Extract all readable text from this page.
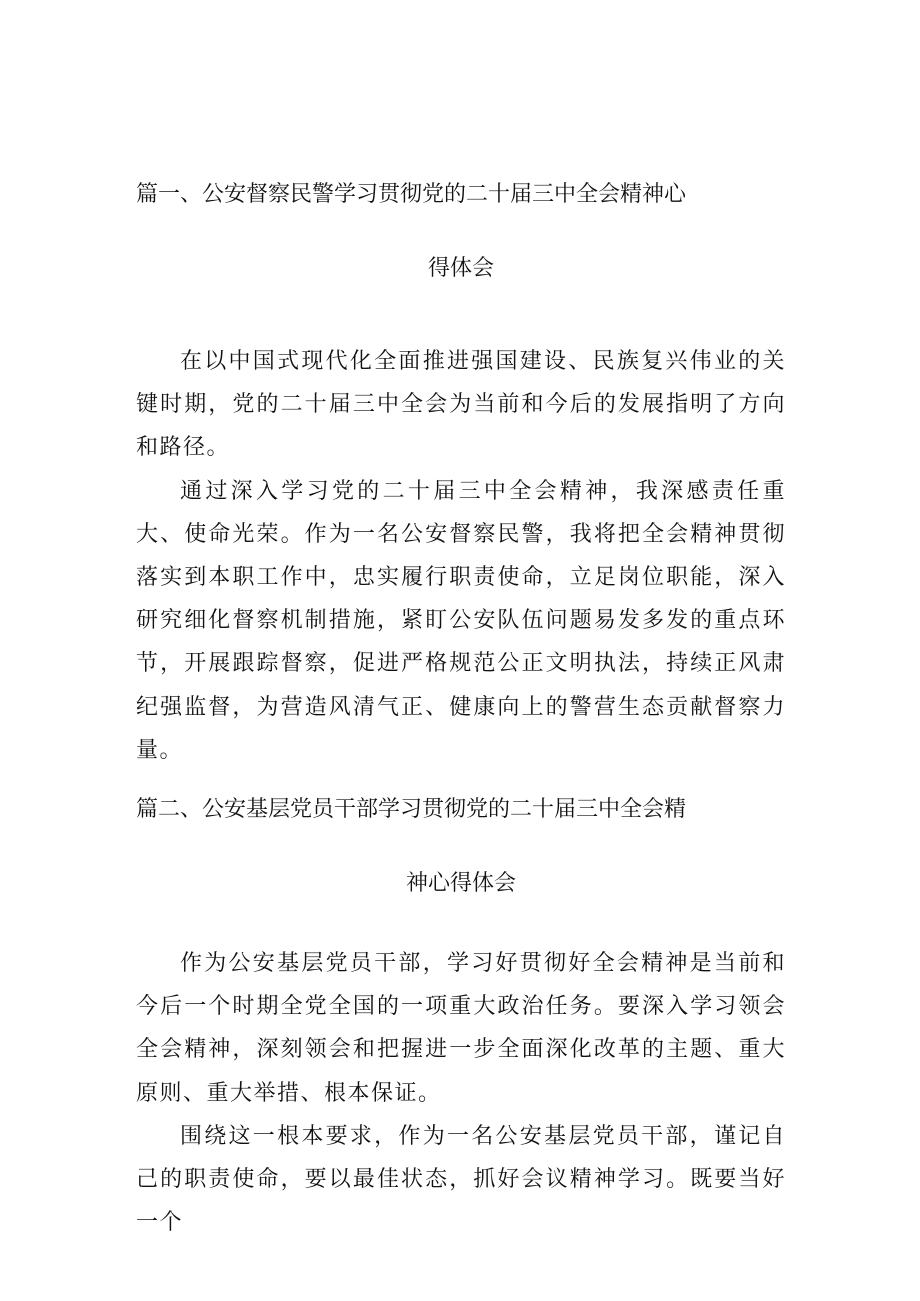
篇一、公安督察民警学习贯彻党的二十届三中全会精神心
得体会

在以中国式现代化全面推进强国建设、民族复兴伟业的关键时期，党的二十届三中全会为当前和今后的发展指明了方向和路径。

通过深入学习党的二十届三中全会精神，我深感责任重大、使命光荣。作为一名公安督察民警，我将把全会精神贯彻落实到本职工作中，忠实履行职责使命，立足岗位职能，深入研究细化督察机制措施，紧盯公安队伍问题易发多发的重点环节，开展跟踪督察，促进严格规范公正文明执法，持续正风肃纪强监督，为营造风清气正、健康向上的警营生态贡献督察力量。

篇二、公安基层党员干部学习贯彻党的二十届三中全会精
神心得体会

作为公安基层党员干部，学习好贯彻好全会精神是当前和今后一个时期全党全国的一项重大政治任务。要深入学习领会全会精神，深刻领会和把握进一步全面深化改革的主题、重大原则、重大举措、根本保证。

围绕这一根本要求，作为一名公安基层党员干部，谨记自己的职责使命，要以最佳状态，抓好会议精神学习。既要当好一个
